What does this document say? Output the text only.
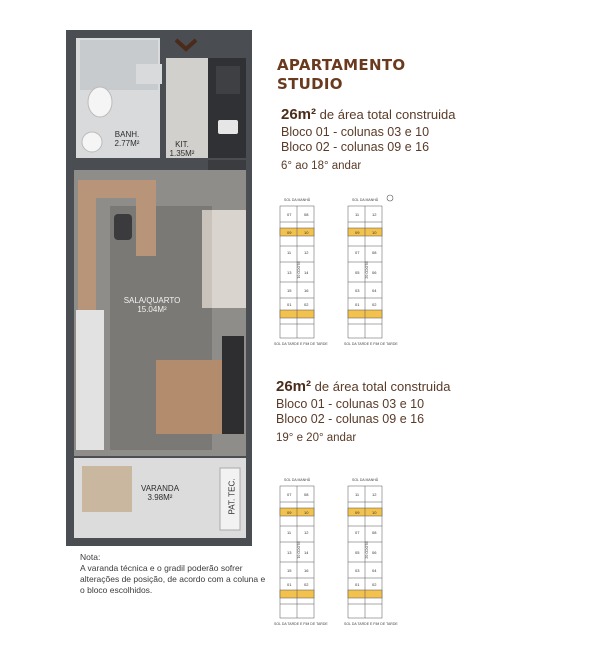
BANH.
2.77M²	KIT.
1.35M²
SALA/QUARTO
15.04M²
VARANDA
3.98M²	PAT. TEC.
Nota:
A varanda técnica e o gradil poderão sofrer alterações de posição, de acordo com a coluna e o bloco escolhidos.
APARTAMENTO
STUDIO
26m² de área total construida
Bloco 01 - colunas 03 e 10
Bloco 02 - colunas 09 e 16
6° ao 18° andar
26m² de área total construida
Bloco 01 - colunas 03 e 10
Bloco 02 - colunas 09 e 16
19° e 20° andar
07	08
09	10
11	12
13	14
15	16
01	02
11	12
09	10
07	08
05	06
03	04
01	02
SOL DA MANHÃ	SOL DA MANHÃ
SOL DA TARDE E FIM DE TARDE	SOL DA TARDE E FIM DE TARDE
BLOCO 01	BLOCO 02
07	08
09	10
11	12
13	14
15	16
01	02
11	12
09	10
07	08
05	06
03	04
01	02
SOL DA MANHÃ	SOL DA MANHÃ
SOL DA TARDE E FIM DE TARDE	SOL DA TARDE E FIM DE TARDE
BLOCO 01	BLOCO 02
